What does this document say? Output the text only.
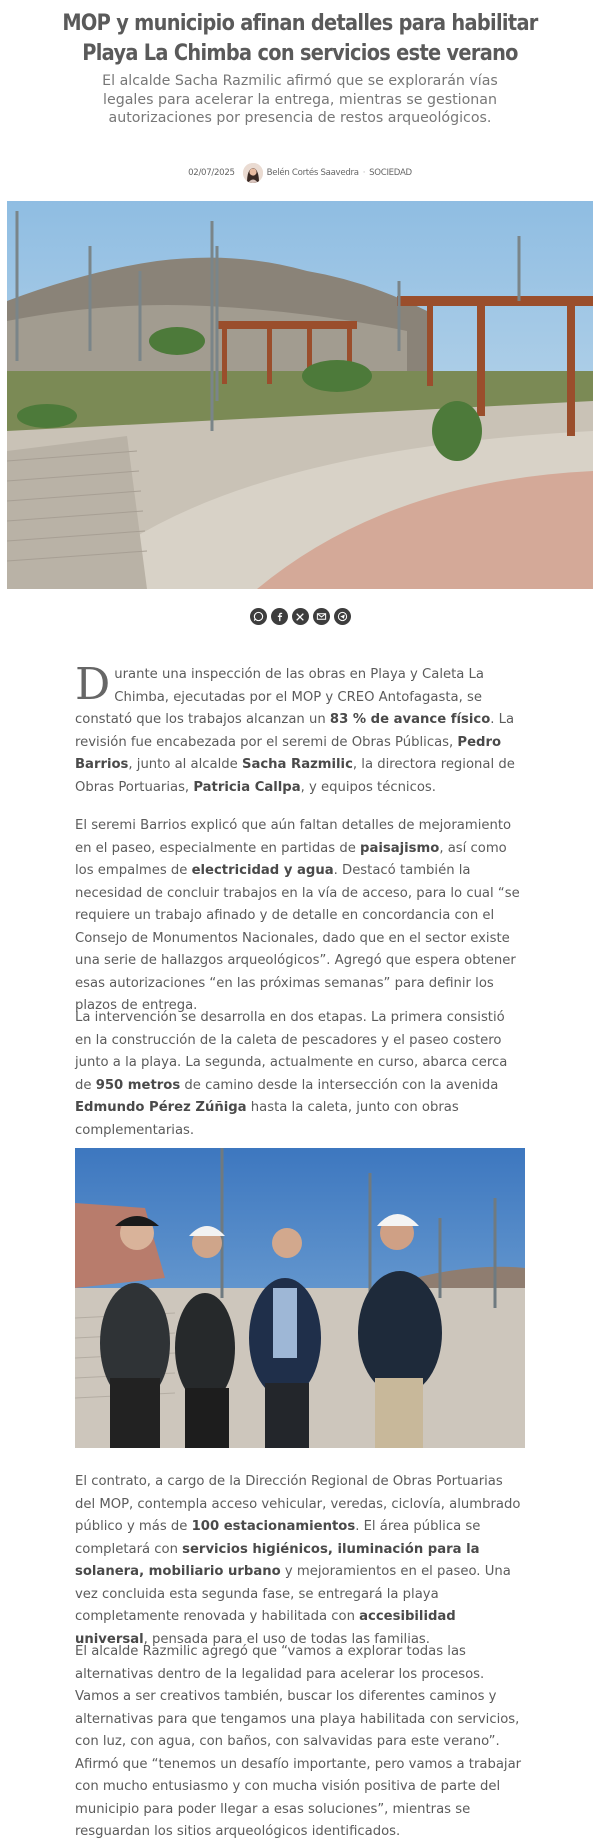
MOP y municipio afinan detalles para habilitar Playa La Chimba con servicios este verano

El alcalde Sacha Razmilic afirmó que se explorarán vías legales para acelerar la entrega, mientras se gestionan autorizaciones por presencia de restos arqueológicos.

02/07/2025	Belén Cortés Saavedra · SOCIEDAD

Durante una inspección de las obras en Playa y Caleta La Chimba, ejecutadas por el MOP y CREO Antofagasta, se constató que los trabajos alcanzan un 83 % de avance físico. La revisión fue encabezada por el seremi de Obras Públicas, Pedro Barrios, junto al alcalde Sacha Razmilic, la directora regional de Obras Portuarias, Patricia Callpa, y equipos técnicos.

El seremi Barrios explicó que aún faltan detalles de mejoramiento en el paseo, especialmente en partidas de paisajismo, así como los empalmes de electricidad y agua. Destacó también la necesidad de concluir trabajos en la vía de acceso, para lo cual “se requiere un trabajo afinado y de detalle en concordancia con el Consejo de Monumentos Nacionales, dado que en el sector existe una serie de hallazgos arqueológicos”. Agregó que espera obtener esas autorizaciones “en las próximas semanas” para definir los plazos de entrega.

La intervención se desarrolla en dos etapas. La primera consistió en la construcción de la caleta de pescadores y el paseo costero junto a la playa. La segunda, actualmente en curso, abarca cerca de 950 metros de camino desde la intersección con la avenida Edmundo Pérez Zúñiga hasta la caleta, junto con obras complementarias.

El contrato, a cargo de la Dirección Regional de Obras Portuarias del MOP, contempla acceso vehicular, veredas, ciclovía, alumbrado público y más de 100 estacionamientos. El área pública se completará con servicios higiénicos, iluminación para la solanera, mobiliario urbano y mejoramientos en el paseo. Una vez concluida esta segunda fase, se entregará la playa completamente renovada y habilitada con accesibilidad universal, pensada para el uso de todas las familias.

El alcalde Razmilic agregó que “vamos a explorar todas las alternativas dentro de la legalidad para acelerar los procesos. Vamos a ser creativos también, buscar los diferentes caminos y alternativas para que tengamos una playa habilitada con servicios, con luz, con agua, con baños, con salvavidas para este verano”. Afirmó que “tenemos un desafío importante, pero vamos a trabajar con mucho entusiasmo y con mucha visión positiva de parte del municipio para poder llegar a esas soluciones”, mientras se resguardan los sitios arqueológicos identificados.
